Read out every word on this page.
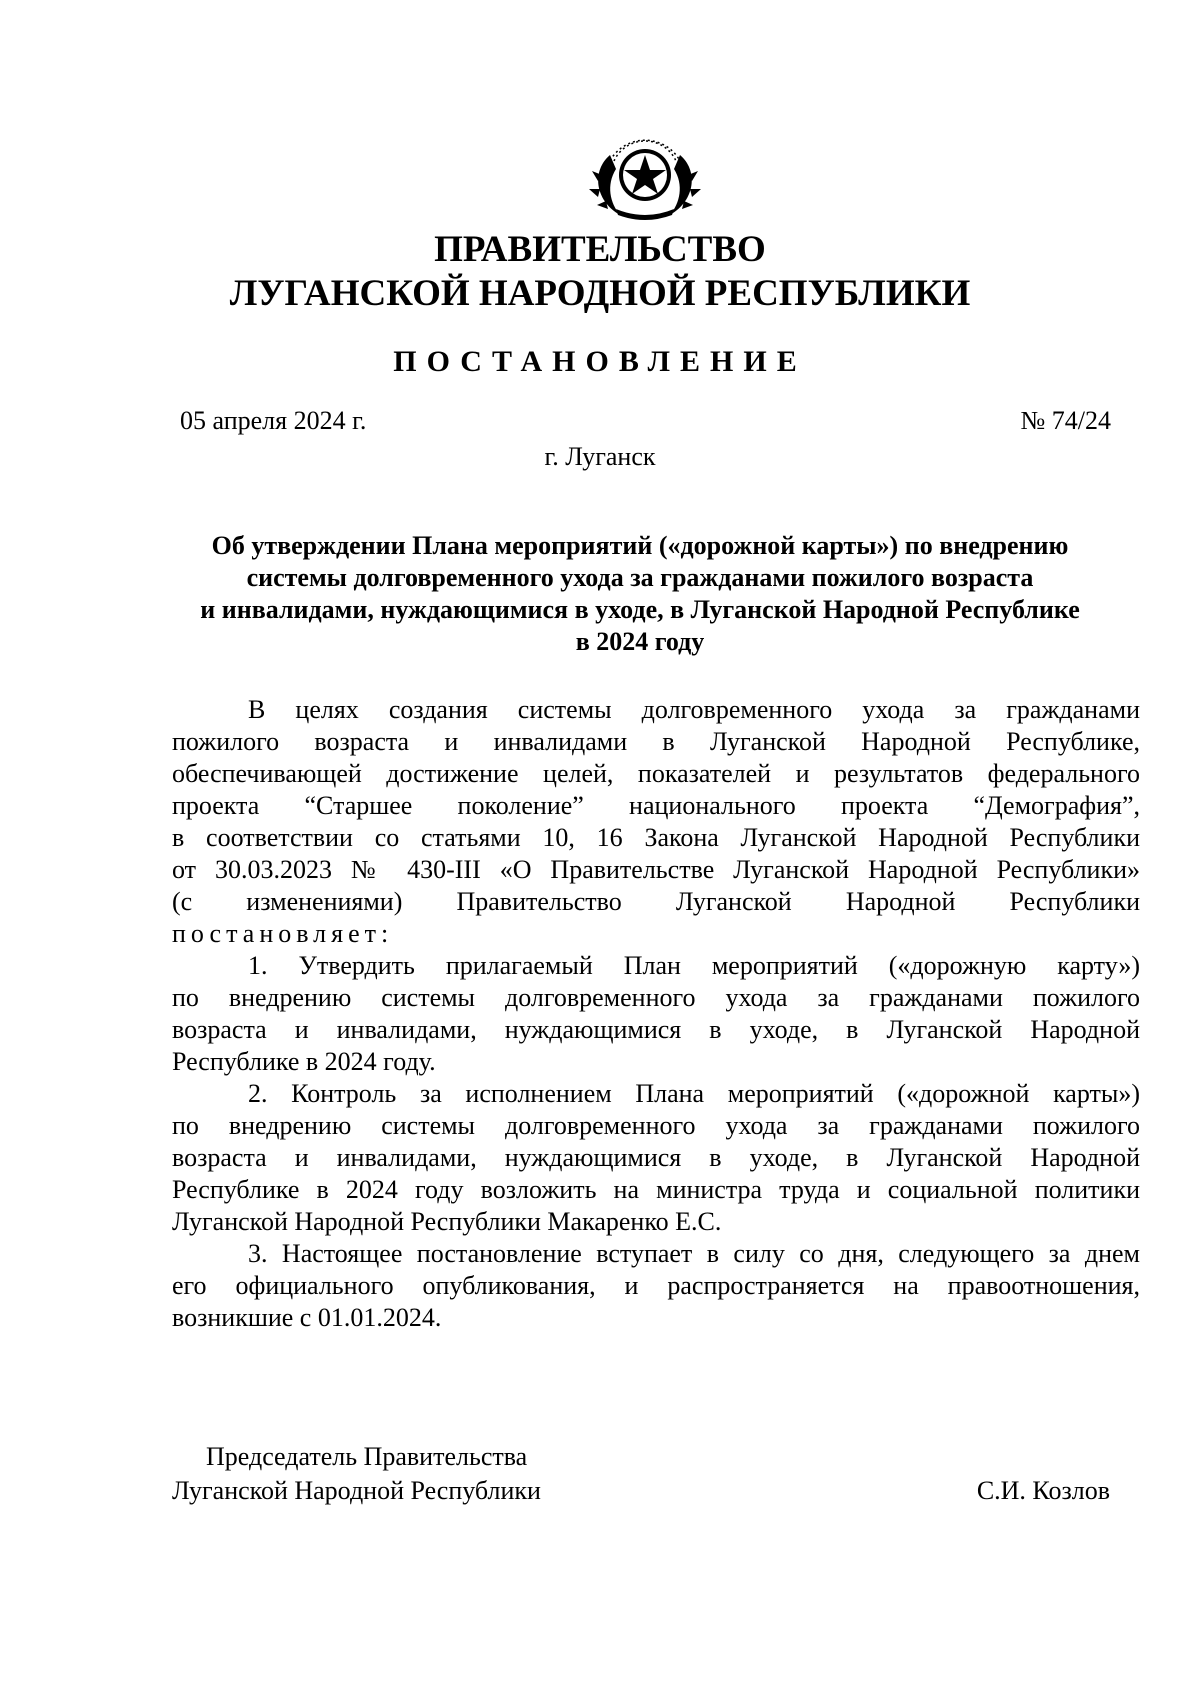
ПРАВИТЕЛЬСТВО
ЛУГАНСКОЙ НАРОДНОЙ РЕСПУБЛИКИ
ПОСТАНОВЛЕНИЕ
05 апреля 2024 г.	№ 74/24
г. Луганск
Об утверждении Плана мероприятий («дорожной карты») по внедрению
системы долговременного ухода за гражданами пожилого возраста
и инвалидами, нуждающимися в уходе, в Луганской Народной Республике
в 2024 году
В целях создания системы долговременного ухода за гражданами
пожилого возраста и инвалидами в Луганской Народной Республике,
обеспечивающей достижение целей, показателей и результатов федерального
проекта “Старшее поколение” национального проекта “Демография”,
в соответствии со статьями 10, 16 Закона Луганской Народной Республики
от 30.03.2023 № 430-III «О Правительстве Луганской Народной Республики»
(с изменениями) Правительство Луганской Народной Республики
постановляет:
1. Утвердить прилагаемый План мероприятий («дорожную карту»)
по внедрению системы долговременного ухода за гражданами пожилого
возраста и инвалидами, нуждающимися в уходе, в Луганской Народной
Республике в 2024 году.
2. Контроль за исполнением Плана мероприятий («дорожной карты»)
по внедрению системы долговременного ухода за гражданами пожилого
возраста и инвалидами, нуждающимися в уходе, в Луганской Народной
Республике в 2024 году возложить на министра труда и социальной политики
Луганской Народной Республики Макаренко Е.С.
3. Настоящее постановление вступает в силу со дня, следующего за днем
его официального опубликования, и распространяется на правоотношения,
возникшие с 01.01.2024.
Председатель Правительства
Луганской Народной Республики	С.И. Козлов
